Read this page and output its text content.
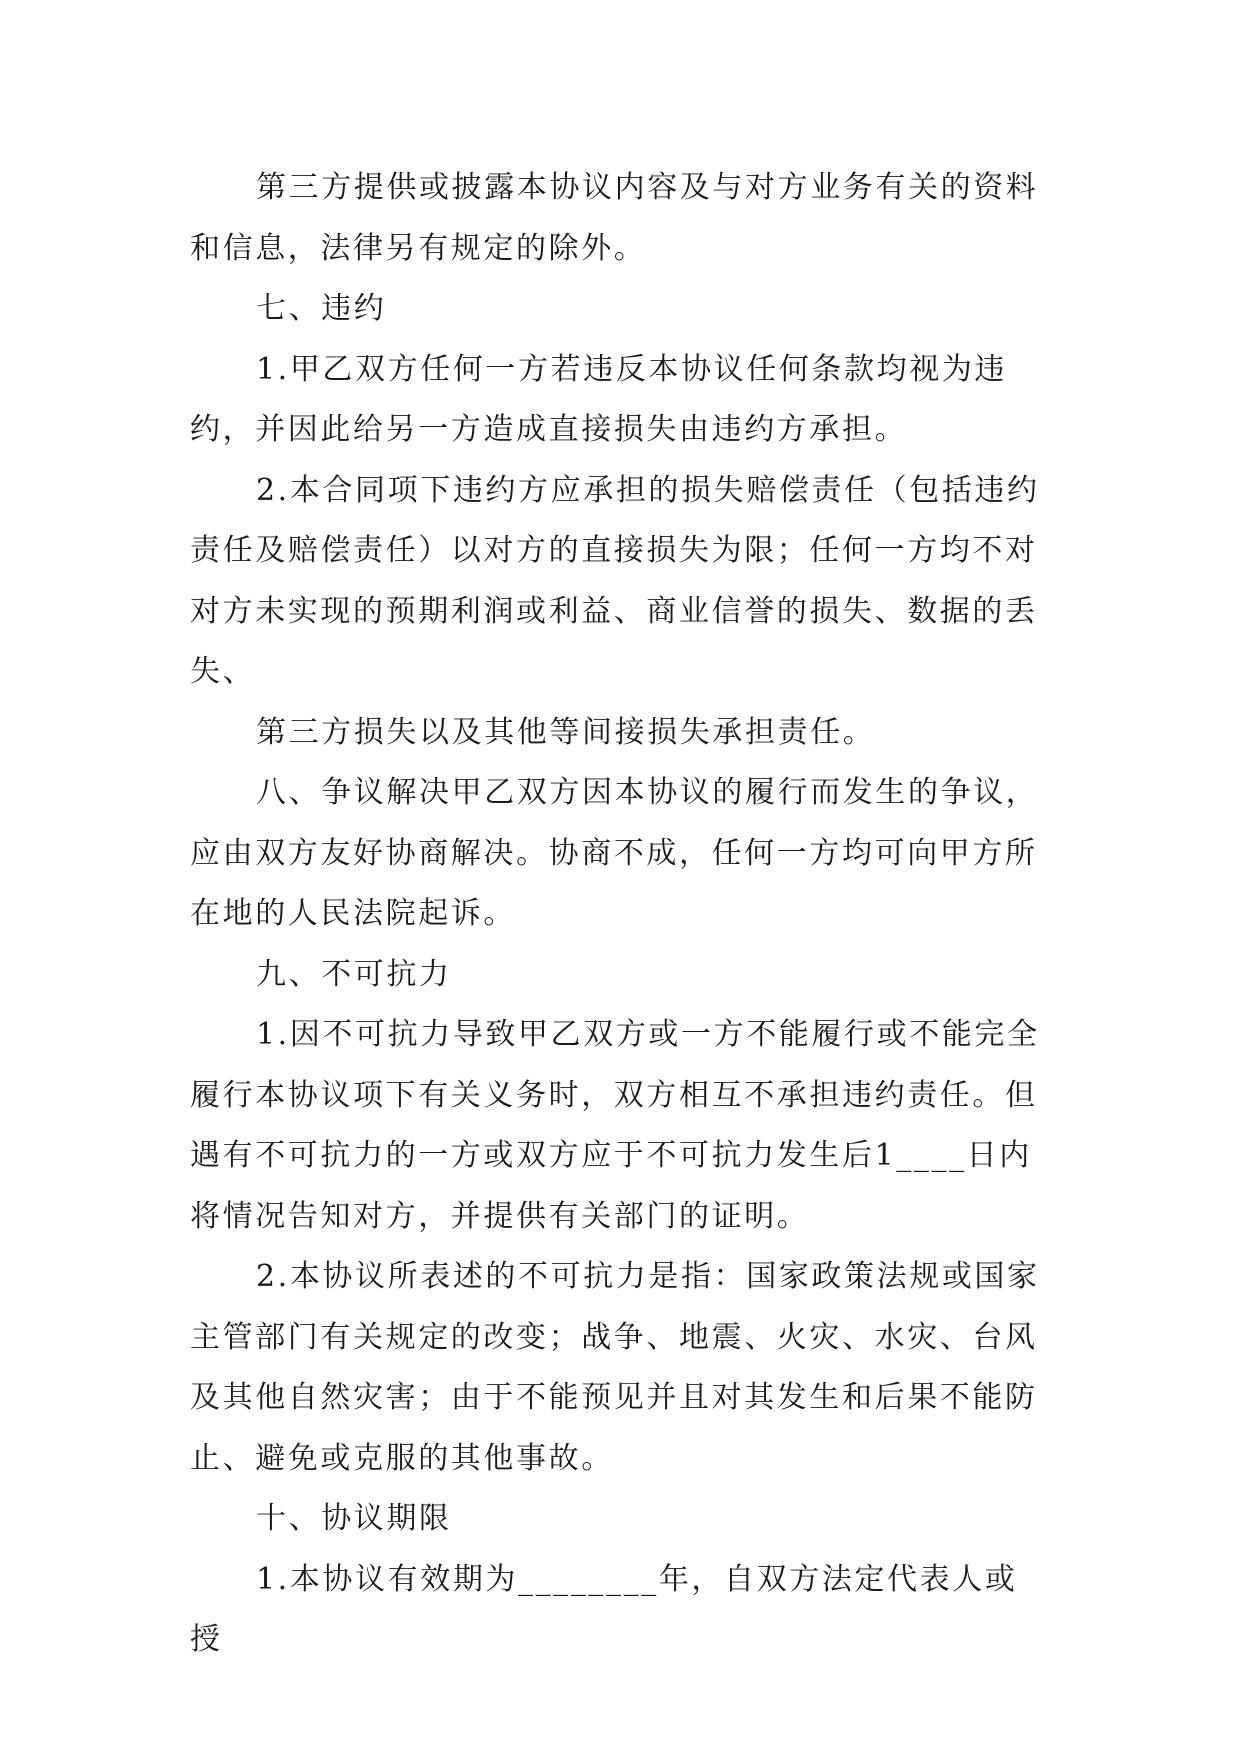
第三方提供或披露本协议内容及与对方业务有关的资料和信息，法律另有规定的除外。

七、违约

1.甲乙双方任何一方若违反本协议任何条款均视为违约，并因此给另一方造成直接损失由违约方承担。

2.本合同项下违约方应承担的损失赔偿责任（包括违约责任及赔偿责任）以对方的直接损失为限；任何一方均不对对方未实现的预期利润或利益、商业信誉的损失、数据的丢失、

第三方损失以及其他等间接损失承担责任。

八、争议解决甲乙双方因本协议的履行而发生的争议，应由双方友好协商解决。协商不成，任何一方均可向甲方所在地的人民法院起诉。

九、不可抗力

1.因不可抗力导致甲乙双方或一方不能履行或不能完全履行本协议项下有关义务时，双方相互不承担违约责任。但遇有不可抗力的一方或双方应于不可抗力发生后1____日内将情况告知对方，并提供有关部门的证明。

2.本协议所表述的不可抗力是指：国家政策法规或国家主管部门有关规定的改变；战争、地震、火灾、水灾、台风及其他自然灾害；由于不能预见并且对其发生和后果不能防止、避免或克服的其他事故。

十、协议期限

1.本协议有效期为________年，自双方法定代表人或授
